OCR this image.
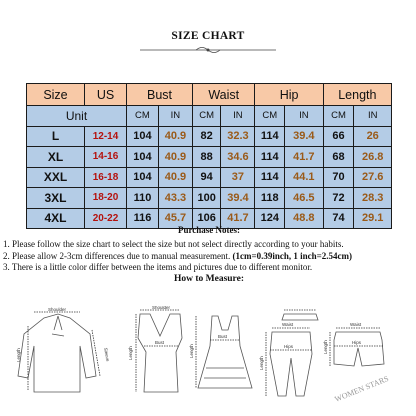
SIZE CHART
Size	US	Bust		Waist		Hip		Length	
Unit		CM	IN	CM	IN	CM	IN	CM	IN
L	12-14	104	40.9	82	32.3	114	39.4	66	26
XL	14-16	104	40.9	88	34.6	114	41.7	68	26.8
XXL	16-18	104	40.9	94	37	114	44.1	70	27.6
3XL	18-20	110	43.3	100	39.4	118	46.5	72	28.3
4XL	20-22	116	45.7	106	41.7	124	48.8	74	29.1
Purchase Notes:

1. Please follow the size chart to select the size but not select directly according to your habits.

2. Please allow 2-3cm differences due to manual measurement. (1cm=0.39inch, 1 inch=2.54cm)

3. There is a little color differ between the items and pictures due to different monitor.

How to Measure:
Shoulder
Length	Sleeve
Shoulder
Bust
Length
Bust
Length
Waist
Hips
Length
Waist
Hips
Length
WOMEN STARS
